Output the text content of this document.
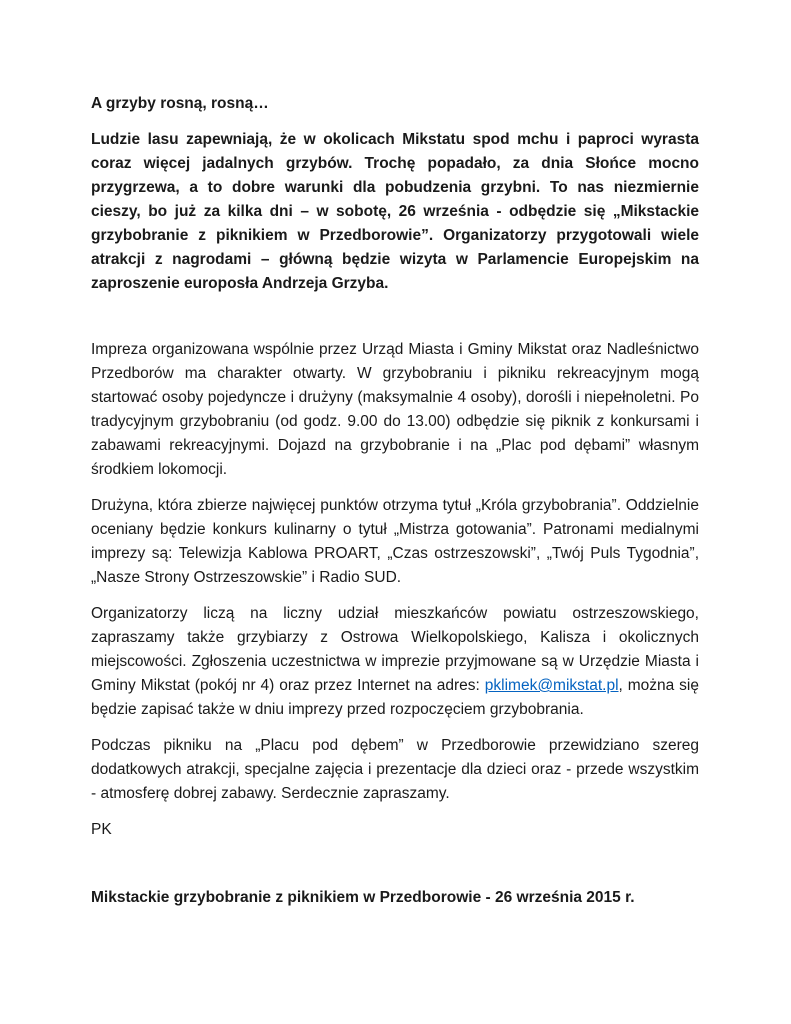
A grzyby rosną, rosną…

Ludzie lasu zapewniają, że w okolicach Mikstatu spod mchu i paproci wyrasta coraz więcej jadalnych grzybów. Trochę popadało, za dnia Słońce mocno przygrzewa, a to dobre warunki dla pobudzenia grzybni. To nas niezmiernie cieszy, bo już za kilka dni – w sobotę, 26 września - odbędzie się „Mikstackie grzybobranie z piknikiem w Przedborowie”. Organizatorzy przygotowali wiele atrakcji z nagrodami – główną będzie wizyta w Parlamencie Europejskim na zaproszenie europosła Andrzeja Grzyba.

Impreza organizowana wspólnie przez Urząd Miasta i Gminy Mikstat oraz Nadleśnictwo Przedborów ma charakter otwarty. W grzybobraniu i pikniku rekreacyjnym mogą startować osoby pojedyncze i drużyny (maksymalnie 4 osoby), dorośli i niepełnoletni. Po tradycyjnym grzybobraniu (od godz. 9.00 do 13.00) odbędzie się piknik z konkursami i zabawami rekreacyjnymi. Dojazd na grzybobranie i na „Plac pod dębami” własnym środkiem lokomocji.

Drużyna, która zbierze najwięcej punktów otrzyma tytuł „Króla grzybobrania”. Oddzielnie oceniany będzie konkurs kulinarny o tytuł „Mistrza gotowania”. Patronami medialnymi imprezy są: Telewizja Kablowa PROART, „Czas ostrzeszowski”, „Twój Puls Tygodnia”, „Nasze Strony Ostrzeszowskie” i Radio SUD.

Organizatorzy liczą na liczny udział mieszkańców powiatu ostrzeszowskiego, zapraszamy także grzybiarzy z Ostrowa Wielkopolskiego, Kalisza i okolicznych miejscowości. Zgłoszenia uczestnictwa w imprezie przyjmowane są w Urzędzie Miasta i Gminy Mikstat (pokój nr 4) oraz przez Internet na adres: pklimek@mikstat.pl, można się będzie zapisać także w dniu imprezy przed rozpoczęciem grzybobrania.

Podczas pikniku na „Placu pod dębem” w Przedborowie przewidziano szereg dodatkowych atrakcji, specjalne zajęcia i prezentacje dla dzieci oraz - przede wszystkim - atmosferę dobrej zabawy. Serdecznie zapraszamy.

PK

Mikstackie grzybobranie z piknikiem w Przedborowie - 26 września 2015 r.
